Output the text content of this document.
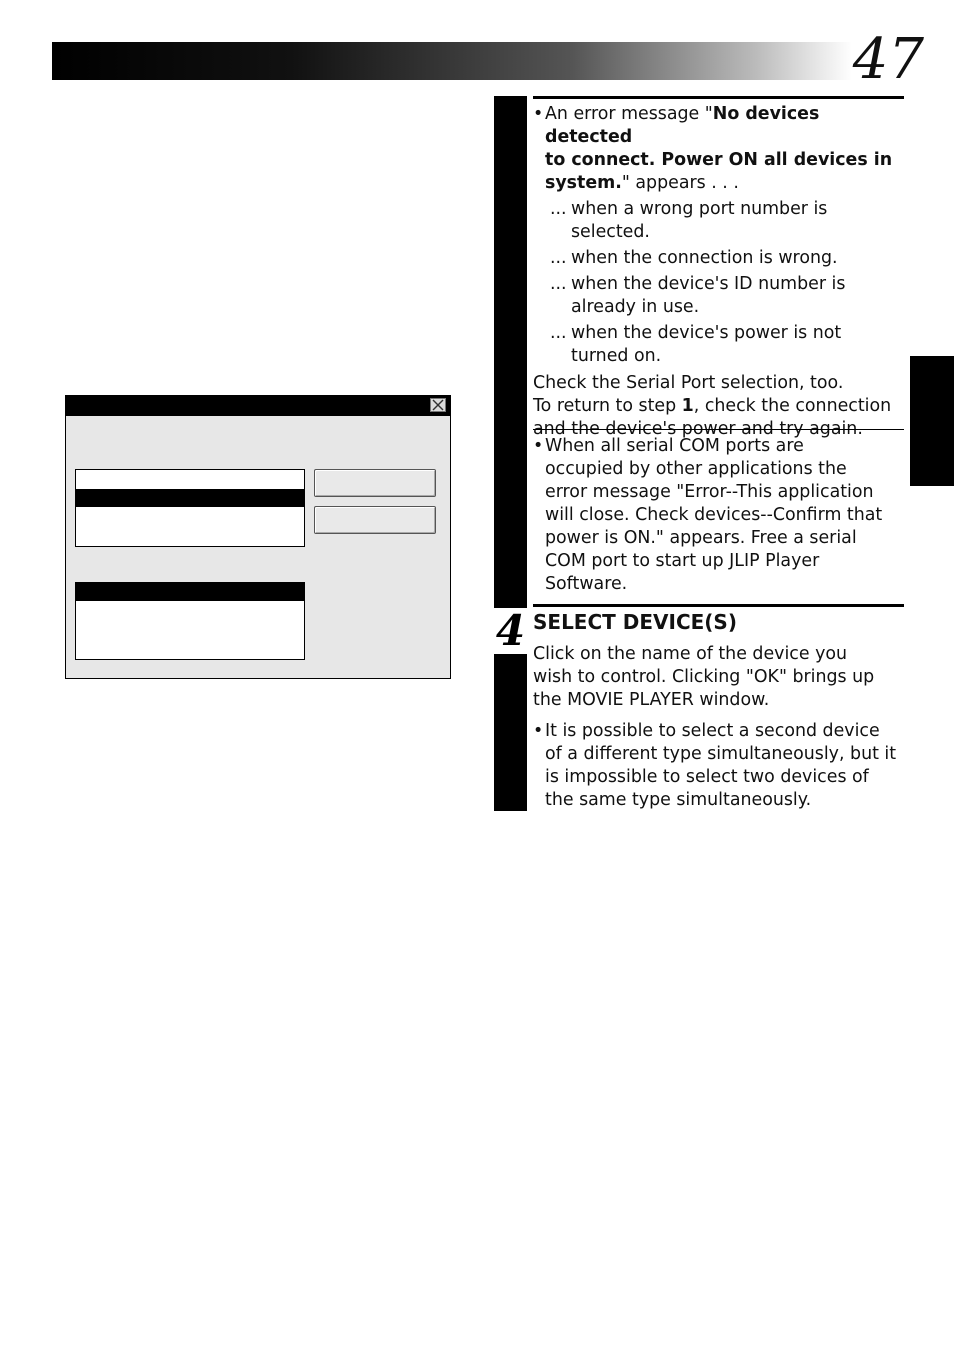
47
• An error message "No devices detected
to connect. Power ON all devices in
system." appears . . .
... when a wrong port number is
selected.
... when the connection is wrong.
... when the device's ID number is
already in use.
... when the device's power is not
turned on.
Check the Serial Port selection, too.
To return to step 1, check the connection
and the device's power and try again.
• When all serial COM ports are
occupied by other applications the
error message "Error--This application
will close. Check devices--Confirm that
power is ON." appears. Free a serial
COM port to start up JLIP Player
Software.
4 SELECT DEVICE(S)
Click on the name of the device you
wish to control. Clicking "OK" brings up
the MOVIE PLAYER window.
• It is possible to select a second device
of a different type simultaneously, but it
is impossible to select two devices of
the same type simultaneously.
